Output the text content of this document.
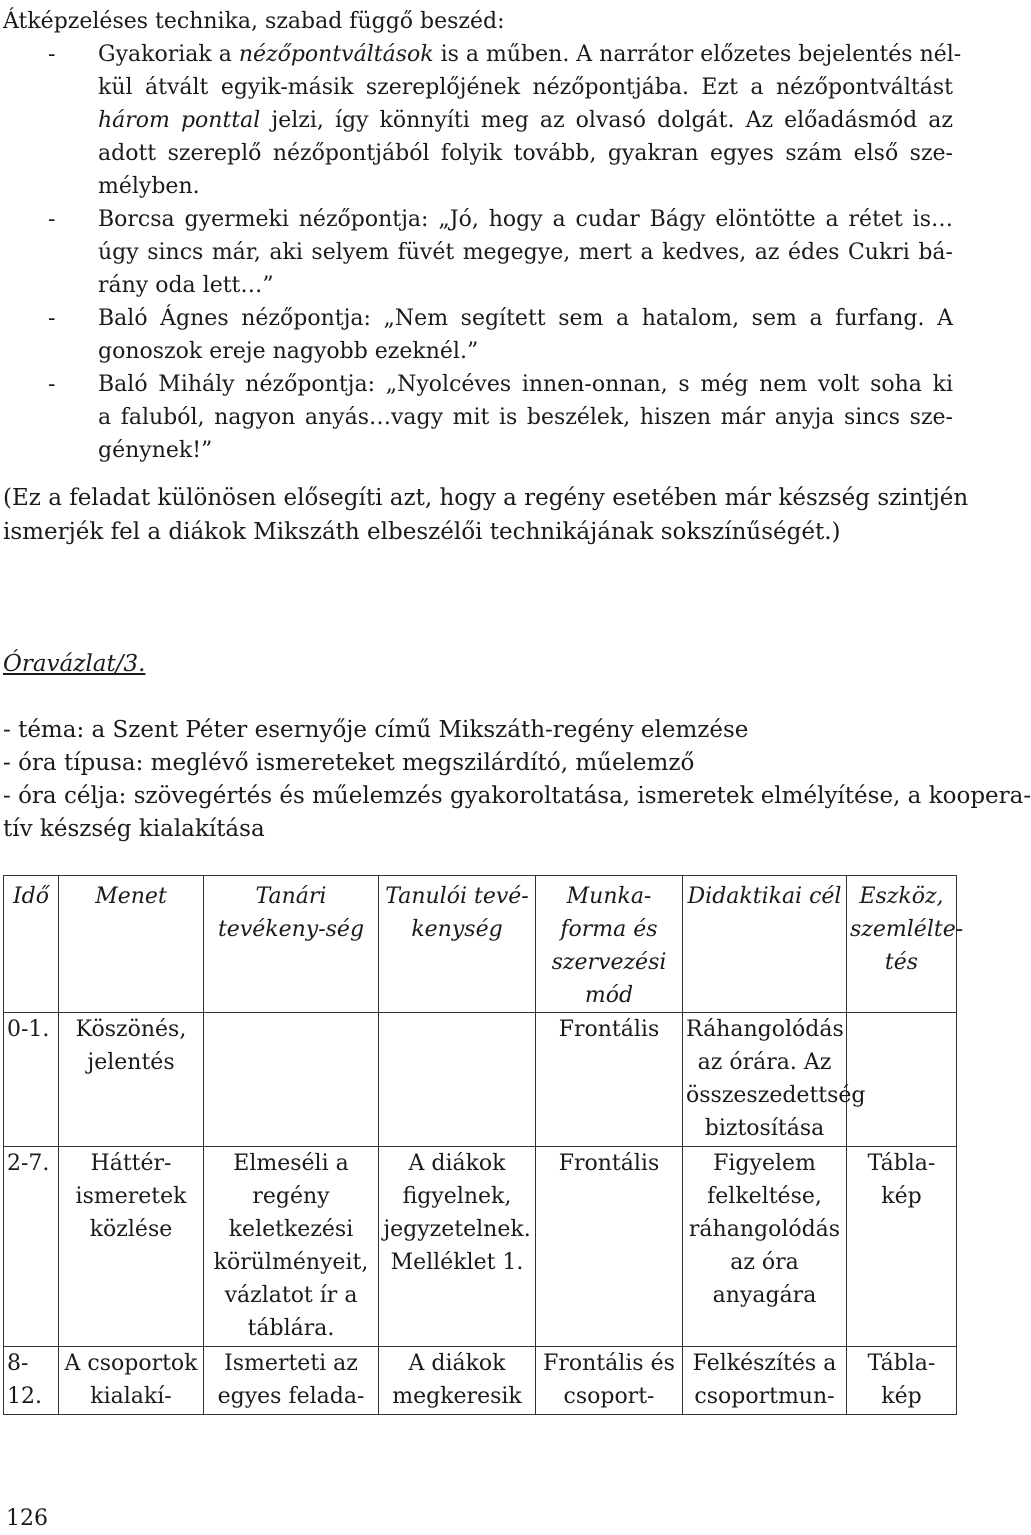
Átképzeléses technika, szabad függő beszéd:
- Gyakoriak a nézőpontváltások is a műben. A narrátor előzetes bejelentés nél-
kül átvált egyik-másik szereplőjének nézőpontjába. Ezt a nézőpontváltást
három ponttal jelzi, így könnyíti meg az olvasó dolgát. Az előadásmód az
adott szereplő nézőpontjából folyik tovább, gyakran egyes szám első sze-
mélyben.
- Borcsa gyermeki nézőpontja: „Jó, hogy a cudar Bágy elöntötte a rétet is…
úgy sincs már, aki selyem füvét megegye, mert a kedves, az édes Cukri bá-
rány oda lett…”
- Baló Ágnes nézőpontja: „Nem segített sem a hatalom, sem a furfang. A
gonoszok ereje nagyobb ezeknél.”
- Baló Mihály nézőpontja: „Nyolcéves innen-onnan, s még nem volt soha ki
a faluból, nagyon anyás…vagy mit is beszélek, hiszen már anyja sincs sze-
génynek!”
(Ez a feladat különösen elősegíti azt, hogy a regény esetében már készség szintjén
ismerjék fel a diákok Mikszáth elbeszélői technikájának sokszínűségét.)
Óravázlat/3.
- téma: a Szent Péter esernyője című Mikszáth-regény elemzése
- óra típusa: meglévő ismereteket megszilárdító, műelemző
- óra célja: szövegértés és műelemzés gyakoroltatása, ismeretek elmélyítése, a koopera-
tív készség kialakítása
Idő	Menet	Tanári tevékeny-ség	Tanulói tevé-kenység	Munka-forma és szervezési mód	Didaktikai cél	Eszköz, szemlélte-tés
0-1.	Köszönés, jelentés			Frontális	Ráhangolódás az órára. Az összeszedettség biztosítása	
2-7.	Háttér-ismeretek közlése	Elmeséli a regény keletkezési körülményeit, vázlatot ír a táblára.	A diákok figyelnek, jegyzetelnek. Melléklet 1.	Frontális	Figyelem felkeltése, ráhangolódás az óra anyagára	Tábla-kép
8-12.	A csoportok kialakí-	Ismerteti az egyes felada-	A diákok megkeresik	Frontális és csoport-	Felkészítés a csoportmun-	Tábla-kép
126
